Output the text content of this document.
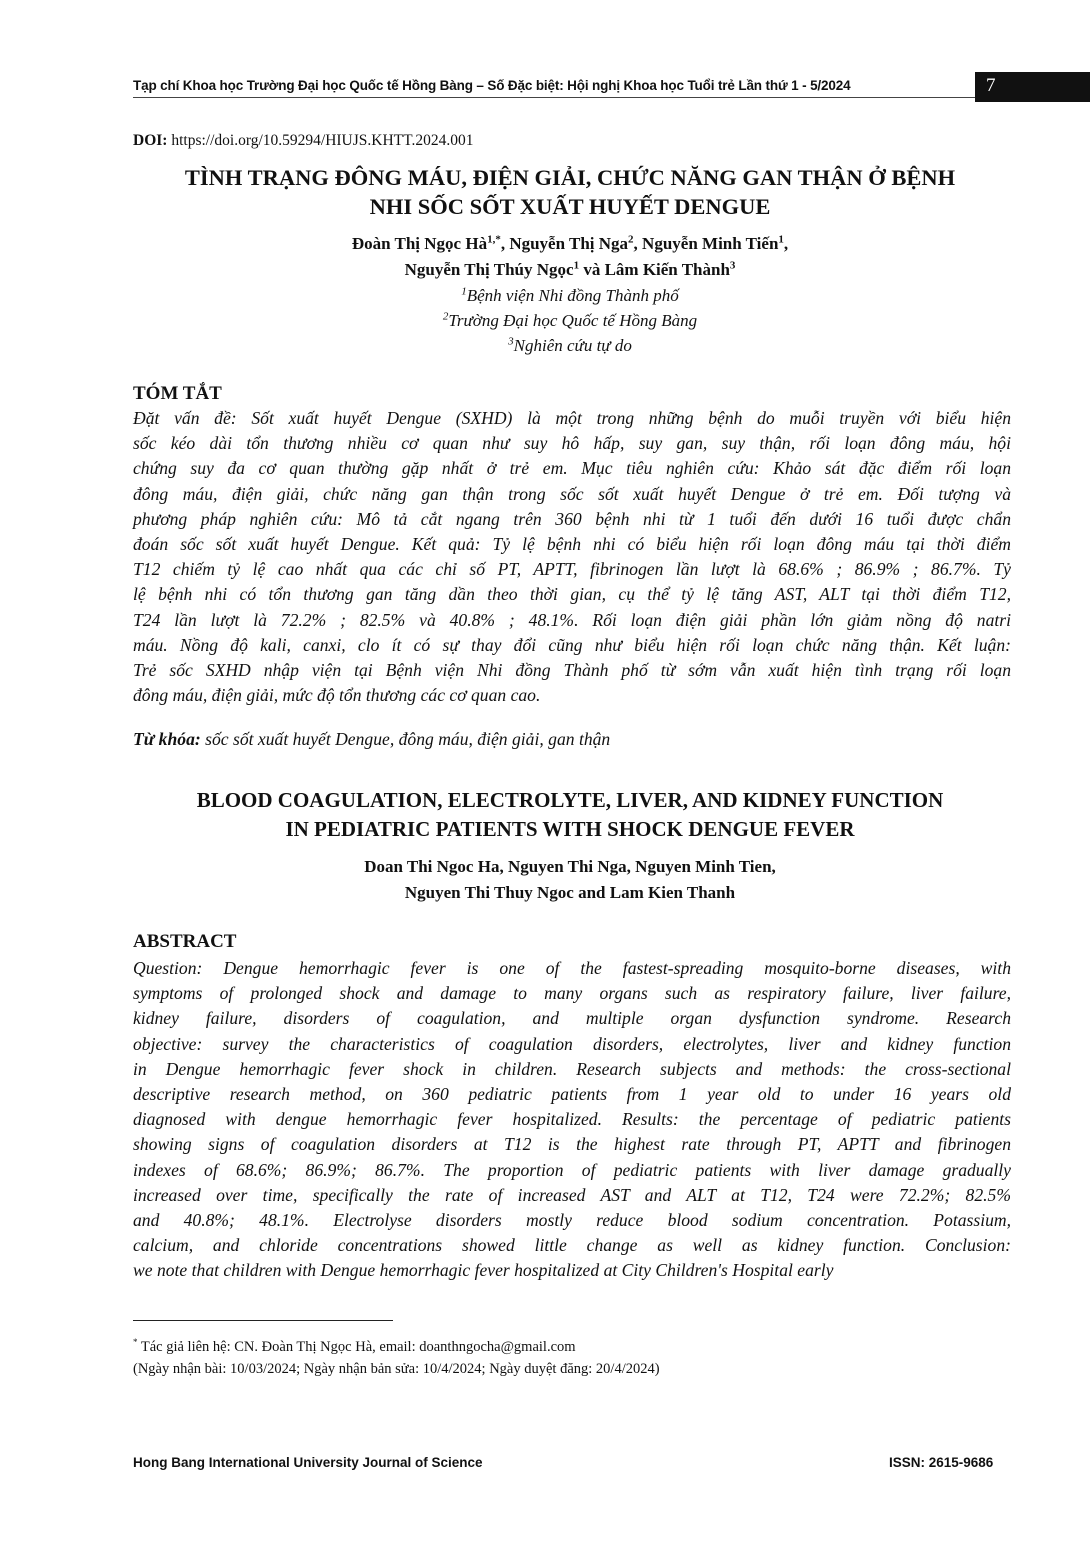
Tạp chí Khoa học Trường Đại học Quốc tế Hồng Bàng – Số Đặc biệt: Hội nghị Khoa học Tuổi trẻ Lần thứ 1 - 5/2024	7
DOI: https://doi.org/10.59294/HIUJS.KHTT.2024.001
TÌNH TRẠNG ĐÔNG MÁU, ĐIỆN GIẢI, CHỨC NĂNG GAN THẬN Ở BỆNH
NHI SỐC SỐT XUẤT HUYẾT DENGUE
Đoàn Thị Ngọc $Hà^{1,*}$, Nguyễn Thị Nga$^2$, Nguyễn Minh Tiến$^1$,
Nguyễn Thị Thúy Ngọc$^1$ và Lâm Kiến Thành$^3$
$^1$Bệnh viện Nhi đồng Thành phố
$^2$Trường Đại học Quốc tế Hồng Bàng
$^3$Nghiên cứu tự do
TÓM TẮT
Đặt vấn đề: Sốt xuất huyết Dengue (SXHD) là một trong những bệnh do muỗi truyền với biểu hiện
sốc kéo dài tổn thương nhiều cơ quan như suy hô hấp, suy gan, suy thận, rối loạn đông máu, hội
chứng suy đa cơ quan thường gặp nhất ở trẻ em. Mục tiêu nghiên cứu: Khảo sát đặc điểm rối loạn
đông máu, điện giải, chức năng gan thận trong sốc sốt xuất huyết Dengue ở trẻ em. Đối tượng và
phương pháp nghiên cứu: Mô tả cắt ngang trên 360 bệnh nhi từ 1 tuổi đến dưới 16 tuổi được chẩn
đoán sốc sốt xuất huyết Dengue. Kết quả: Tỷ lệ bệnh nhi có biểu hiện rối loạn đông máu tại thời điểm
T12 chiếm tỷ lệ cao nhất qua các chỉ số PT, APTT, fibrinogen lần lượt là 68.6% ; 86.9% ; 86.7%. Tỷ
lệ bệnh nhi có tổn thương gan tăng dần theo thời gian, cụ thể tỷ lệ tăng AST, ALT tại thời điểm T12,
T24 lần lượt là 72.2% ; 82.5% và 40.8% ; 48.1%. Rối loạn điện giải phần lớn giảm nồng độ natri
máu. Nồng độ kali, canxi, clo ít có sự thay đổi cũng như biểu hiện rối loạn chức năng thận. Kết luận:
Trẻ sốc SXHD nhập viện tại Bệnh viện Nhi đồng Thành phố từ sớm vẫn xuất hiện tình trạng rối loạn
đông máu, điện giải, mức độ tổn thương các cơ quan cao.
Từ khóa: sốc sốt xuất huyết Dengue, đông máu, điện giải, gan thận
BLOOD COAGULATION, ELECTROLYTE, LIVER, AND KIDNEY FUNCTION
IN PEDIATRIC PATIENTS WITH SHOCK DENGUE FEVER
Doan Thi Ngoc Ha, Nguyen Thi Nga, Nguyen Minh Tien,
Nguyen Thi Thuy Ngoc and Lam Kien Thanh
ABSTRACT
Question: Dengue hemorrhagic fever is one of the fastest-spreading mosquito-borne diseases, with
symptoms of prolonged shock and damage to many organs such as respiratory failure, liver failure,
kidney failure, disorders of coagulation, and multiple organ dysfunction syndrome. Research
objective: survey the characteristics of coagulation disorders, electrolytes, liver and kidney function
in Dengue hemorrhagic fever shock in children. Research subjects and methods: the cross-sectional
descriptive research method, on 360 pediatric patients from 1 year old to under 16 years old
diagnosed with dengue hemorrhagic fever hospitalized. Results: the percentage of pediatric patients
showing signs of coagulation disorders at T12 is the highest rate through PT, APTT and fibrinogen
indexes of 68.6%; 86.9%; 86.7%. The proportion of pediatric patients with liver damage gradually
increased over time, specifically the rate of increased AST and ALT at T12, T24 were 72.2%; 82.5%
and 40.8%; 48.1%. Electrolyse disorders mostly reduce blood sodium concentration. Potassium,
calcium, and chloride concentrations showed little change as well as kidney function. Conclusion:
we note that children with Dengue hemorrhagic fever hospitalized at City Children's Hospital early
* Tác giả liên hệ: CN. Đoàn Thị Ngọc Hà, email: doanthngocha@gmail.com
(Ngày nhận bài: 10/03/2024; Ngày nhận bản sửa: 10/4/2024; Ngày duyệt đăng: 20/4/2024)
Hong Bang International University Journal of Science	ISSN: 2615-9686
